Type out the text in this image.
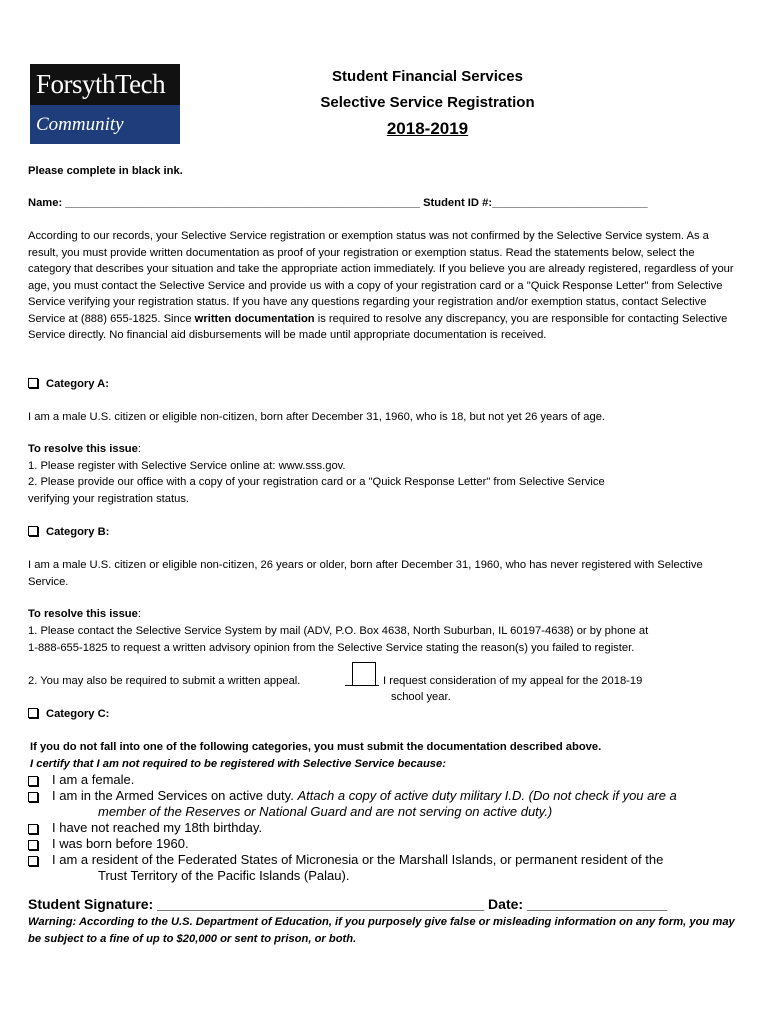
ForsythTech
Community
Student Financial Services
Selective Service Registration
2018-2019
Please complete in black ink.
Name: _________________________________________________________ Student ID #:_________________________
According to our records, your Selective Service registration or exemption status was not confirmed by the Selective Service system. As a result, you must provide written documentation as proof of your registration or exemption status. Read the statements below, select the category that describes your situation and take the appropriate action immediately. If you believe you are already registered, regardless of your age, you must contact the Selective Service and provide us with a copy of your registration card or a "Quick Response Letter" from Selective Service verifying your registration status. If you have any questions regarding your registration and/or exemption status, contact Selective Service at (888) 655-1825. Since written documentation is required to resolve any discrepancy, you are responsible for contacting Selective Service directly. No financial aid disbursements will be made until appropriate documentation is received.
Category A:
I am a male U.S. citizen or eligible non-citizen, born after December 31, 1960, who is 18, but not yet 26 years of age.
To resolve this issue:
1. Please register with Selective Service online at: www.sss.gov.
2. Please provide our office with a copy of your registration card or a "Quick Response Letter" from Selective Service verifying your registration status.
Category B:
I am a male U.S. citizen or eligible non-citizen, 26 years or older, born after December 31, 1960, who has never registered with Selective Service.
To resolve this issue:
1. Please contact the Selective Service System by mail (ADV, P.O. Box 4638, North Suburban, IL 60197-4638) or by phone at 1-888-655-1825 to request a written advisory opinion from the Selective Service stating the reason(s) you failed to register.
2. You may also be required to submit a written appeal.	I request consideration of my appeal for the 2018-19
school year.
Category C:
If you do not fall into one of the following categories, you must submit the documentation described above.
I certify that I am not required to be registered with Selective Service because:
I am a female.
I am in the Armed Services on active duty. Attach a copy of active duty military I.D. (Do not check if you are a
member of the Reserves or National Guard and are not serving on active duty.)
I have not reached my 18th birthday.
I was born before 1960.
I am a resident of the Federated States of Micronesia or the Marshall Islands, or permanent resident of the
Trust Territory of the Pacific Islands (Palau).
Student Signature: __________________________________________ Date: __________________
Warning: According to the U.S. Department of Education, if you purposely give false or misleading information on any form, you may be subject to a fine of up to $20,000 or sent to prison, or both.
